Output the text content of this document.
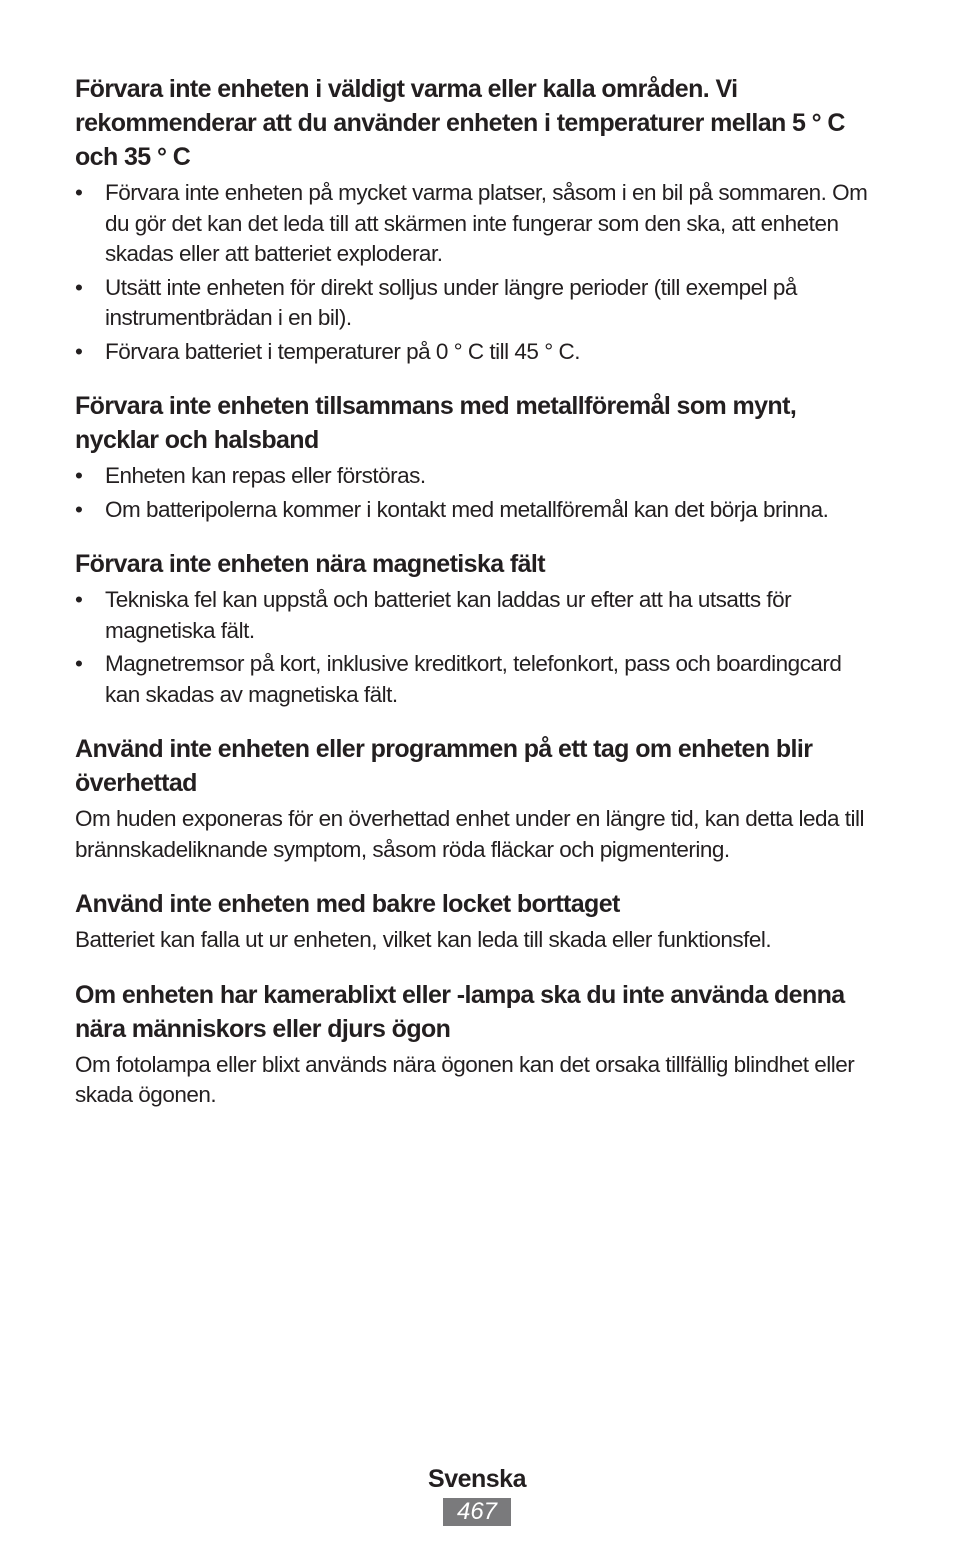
Förvara inte enheten i väldigt varma eller kalla områden. Vi rekommenderar att du använder enheten i temperaturer mellan 5 ° C och 35 ° C
• Förvara inte enheten på mycket varma platser, såsom i en bil på sommaren. Om du gör det kan det leda till att skärmen inte fungerar som den ska, att enheten skadas eller att batteriet exploderar.
• Utsätt inte enheten för direkt solljus under längre perioder (till exempel på instrumentbrädan i en bil).
• Förvara batteriet i temperaturer på 0 ° C till 45 ° C.
Förvara inte enheten tillsammans med metallföremål som mynt, nycklar och halsband
• Enheten kan repas eller förstöras.
• Om batteripolerna kommer i kontakt med metallföremål kan det börja brinna.
Förvara inte enheten nära magnetiska fält
• Tekniska fel kan uppstå och batteriet kan laddas ur efter att ha utsatts för magnetiska fält.
• Magnetremsor på kort, inklusive kreditkort, telefonkort, pass och boardingcard kan skadas av magnetiska fält.
Använd inte enheten eller programmen på ett tag om enheten blir överhettad

Om huden exponeras för en överhettad enhet under en längre tid, kan detta leda till brännskadeliknande symptom, såsom röda fläckar och pigmentering.

Använd inte enheten med bakre locket borttaget

Batteriet kan falla ut ur enheten, vilket kan leda till skada eller funktionsfel.

Om enheten har kamerablixt eller -lampa ska du inte använda denna nära människors eller djurs ögon

Om fotolampa eller blixt används nära ögonen kan det orsaka tillfällig blindhet eller skada ögonen.

Svenska
467
